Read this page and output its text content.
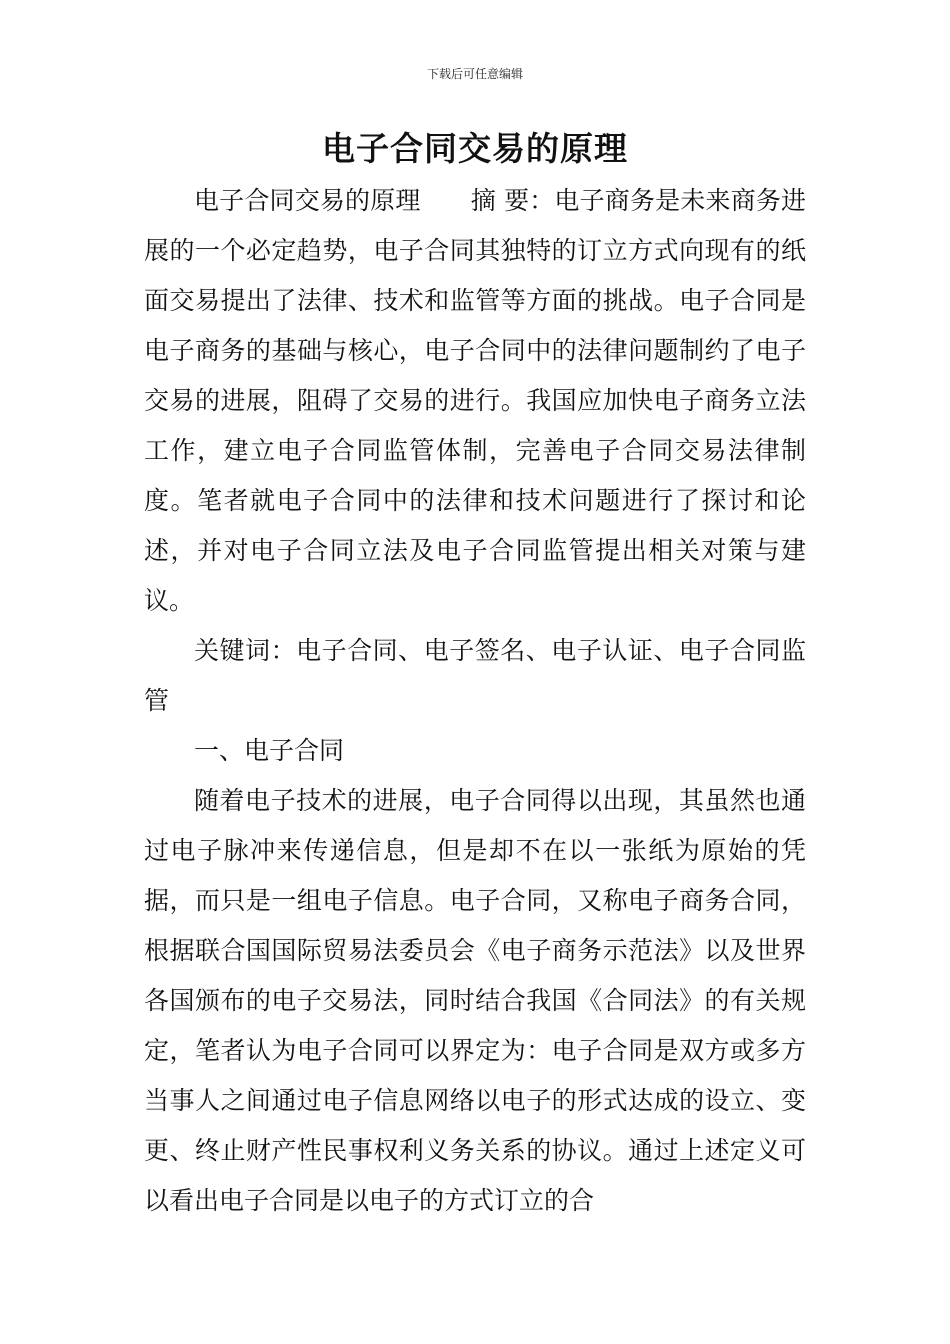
下载后可任意编辑
电子合同交易的原理

电子合同交易的原理 摘 要：电子商务是未来商务进展的一个必定趋势，电子合同其独特的订立方式向现有的纸面交易提出了法律、技术和监管等方面的挑战。电子合同是电子商务的基础与核心，电子合同中的法律问题制约了电子交易的进展，阻碍了交易的进行。我国应加快电子商务立法工作，建立电子合同监管体制，完善电子合同交易法律制度。笔者就电子合同中的法律和技术问题进行了探讨和论述，并对电子合同立法及电子合同监管提出相关对策与建议。

关键词：电子合同、电子签名、电子认证、电子合同监管

一、电子合同

随着电子技术的进展，电子合同得以出现，其虽然也通过电子脉冲来传递信息，但是却不在以一张纸为原始的凭据，而只是一组电子信息。电子合同，又称电子商务合同，根据联合国国际贸易法委员会《电子商务示范法》以及世界各国颁布的电子交易法，同时结合我国《合同法》的有关规定，笔者认为电子合同可以界定为：电子合同是双方或多方当事人之间通过电子信息网络以电子的形式达成的设立、变更、终止财产性民事权利义务关系的协议。通过上述定义可以看出电子合同是以电子的方式订立的合
